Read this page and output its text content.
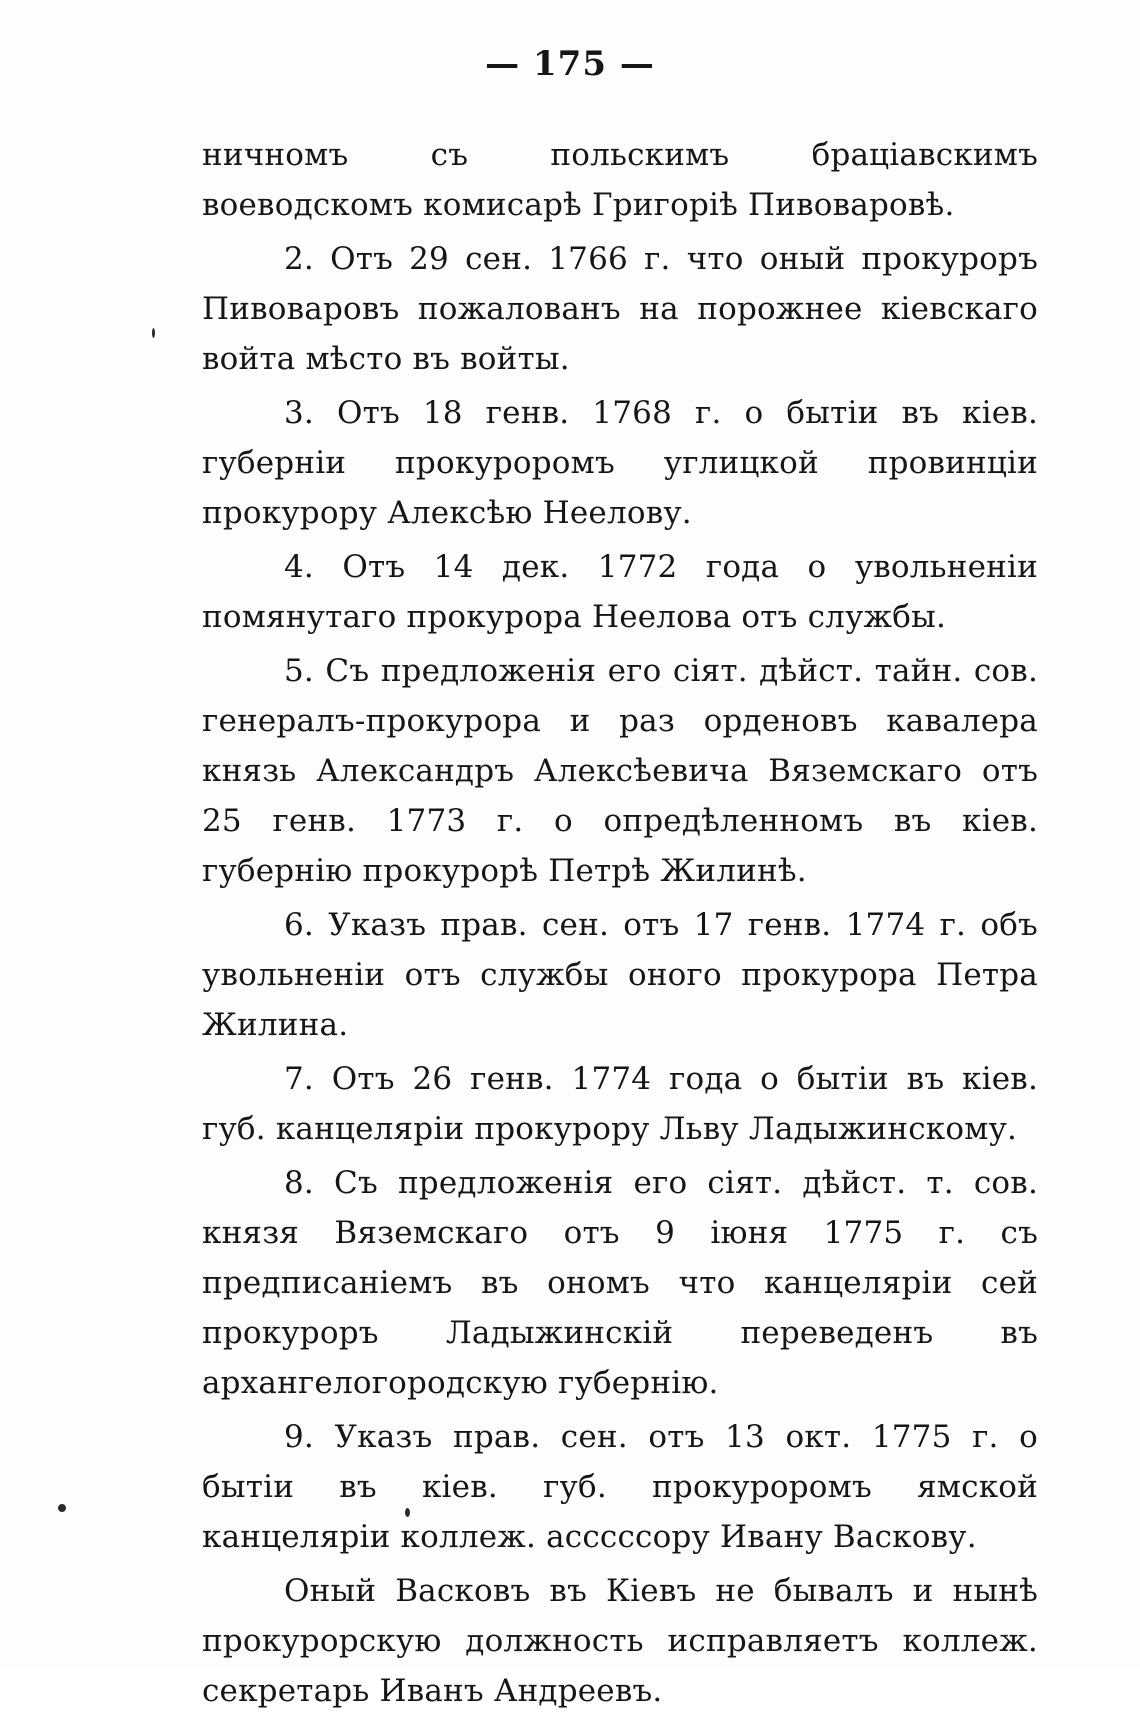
— 175 —

ничномъ съ польскимъ браціавскимъ воеводскомъ комисарѣ Григорiѣ Пивоваровѣ.

2. Отъ 29 сен. 1766 г. что оный прокуроръ Пивоваровъ пожалованъ на порожнее кіевскаго войта мѣсто въ войты.

3. Отъ 18 генв. 1768 г. о бытіи въ кіев. губерніи прокуроромъ углицкой провинціи прокурору Алексѣю Неелову.

4. Отъ 14 дек. 1772 года о увольненіи помянутаго прокурора Неелова отъ службы.

5. Съ предложенія его сіят. дѣйст. тайн. сов. генералъ-прокурора и раз орденовъ кавалера князь Александръ Алексѣевича Вяземскаго отъ 25 генв. 1773 г. о опредѣленномъ въ кіев. губернію прокурорѣ Петрѣ Жилинѣ.

6. Указъ прав. сен. отъ 17 генв. 1774 г. объ увольненіи отъ службы оного прокурора Петра Жилина.

7. Отъ 26 генв. 1774 года о бытіи въ кіев. губ. канцеляріи прокурору Льву Ладыжинскому.

8. Съ предложенія его сіят. дѣйст. т. сов. князя Вяземскаго отъ 9 іюня 1775 г. съ предписаніемъ въ ономъ что канцеляріи сей прокуроръ Ладыжинскій переведенъ въ архангелогородскую губернію.

9. Указъ прав. сен. отъ 13 окт. 1775 г. о бытіи въ кіев. губ. прокуроромъ ямской канцеляріи коллеж. асссссору Ивану Васкову.

Оный Васковъ въ Кіевъ не бывалъ и нынѣ прокурорскую должность исправляетъ коллеж. секретарь Иванъ Андреевъ.
